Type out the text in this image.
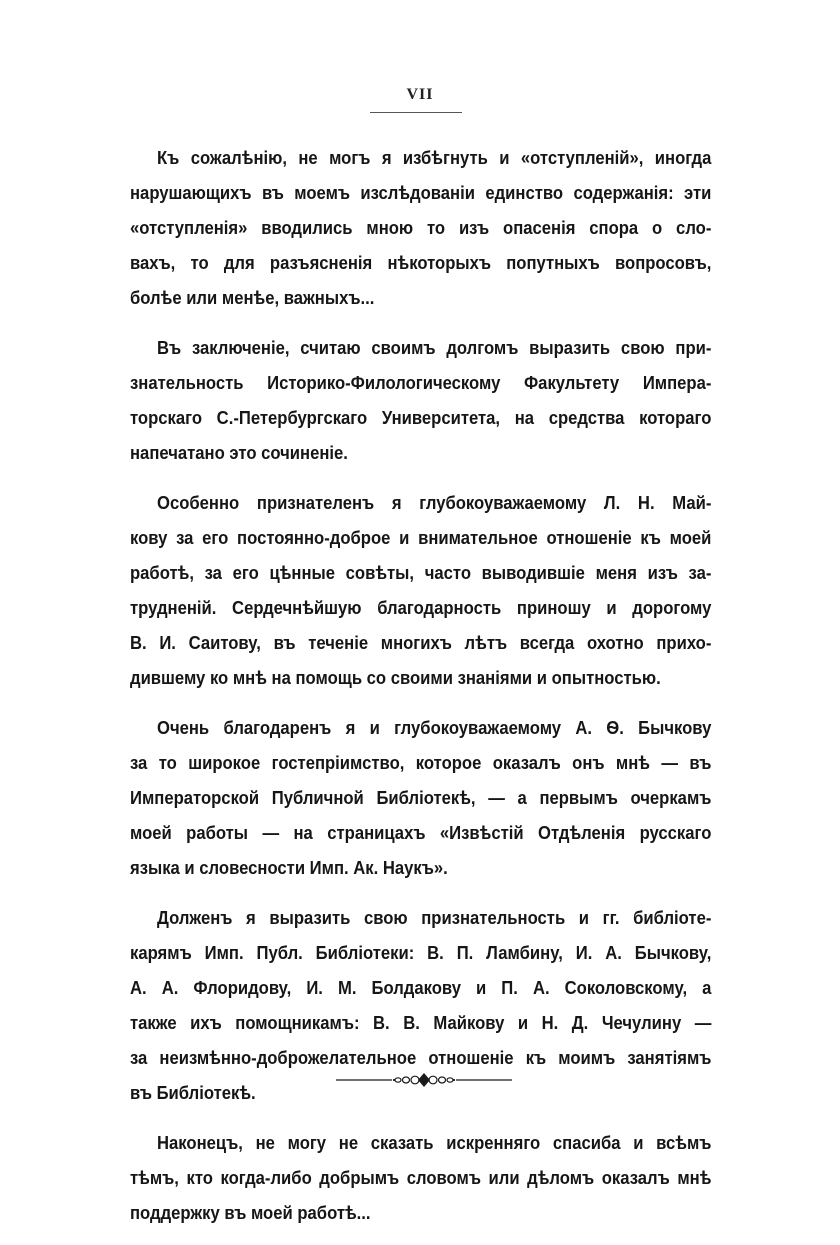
VII
Къ сожалѣнію, не могъ я избѣгнуть и «отступленій», иногда
нарушающихъ въ моемъ изслѣдованіи единство содержанія: эти
«отступленія» вводились мною то изъ опасенія спора о сло-
вахъ, то для разъясненія нѣкоторыхъ попутныхъ вопросовъ,
болѣе или менѣе, важныхъ...
Въ заключеніе, считаю своимъ долгомъ выразить свою при-
знательность Историко-Филологическому Факультету Импера-
торскаго С.-Петербургскаго Университета, на средства котораго
напечатано это сочиненіе.
Особенно признателенъ я глубокоуважаемому Л. Н. Май-
кову за его постоянно-доброе и внимательное отношеніе къ моей
работѣ, за его цѣнные совѣты, часто выводившіе меня изъ за-
трудненій. Сердечнѣйшую благодарность приношу и дорогому
В. И. Саитову, въ теченіе многихъ лѣтъ всегда охотно прихо-
дившему ко мнѣ на помощь со своими знаніями и опытностью.
Очень благодаренъ я и глубокоуважаемому А. Ѳ. Бычкову
за то широкое гостепріимство, которое оказалъ онъ мнѣ — въ
Императорской Публичной Библіотекѣ, — а первымъ очеркамъ
моей работы — на страницахъ «Извѣстій Отдѣленія русскаго
языка и словесности Имп. Ак. Наукъ».
Долженъ я выразить свою признательность и гг. библіоте-
карямъ Имп. Публ. Библіотеки: В. П. Ламбину, И. А. Бычкову,
А. А. Флоридову, И. М. Болдакову и П. А. Соколовскому, а
также ихъ помощникамъ: В. В. Майкову и Н. Д. Чечулину —
за неизмѣнно-доброжелательное отношеніе къ моимъ занятіямъ
въ Библіотекѣ.
Наконецъ, не могу не сказать искренняго спасиба и всѣмъ
тѣмъ, кто когда-либо добрымъ словомъ или дѣломъ оказалъ мнѣ
поддержку въ моей работѣ...
